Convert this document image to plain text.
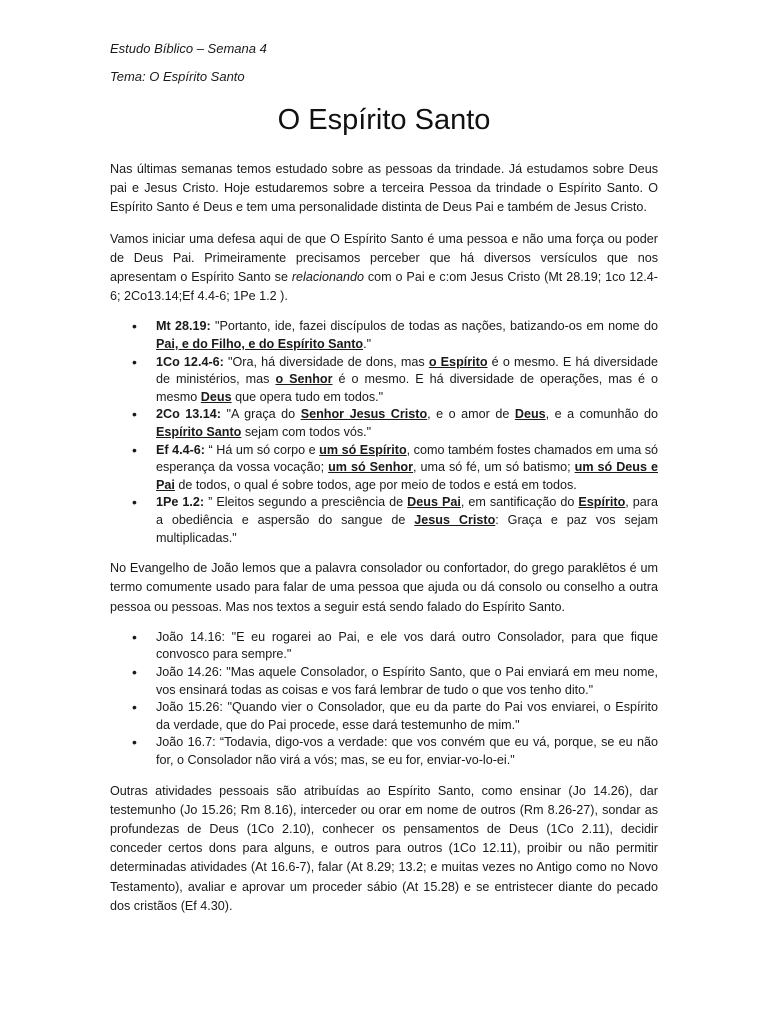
Estudo Bíblico – Semana 4

Tema: O Espírito Santo

O Espírito Santo

Nas últimas semanas temos estudado sobre as pessoas da trindade. Já estudamos sobre Deus pai e Jesus Cristo. Hoje estudaremos sobre a terceira Pessoa da trindade o Espírito Santo. O Espírito Santo é Deus e tem uma personalidade distinta de Deus Pai e também de Jesus Cristo.

Vamos iniciar uma defesa aqui de que O Espírito Santo é uma pessoa e não uma força ou poder de Deus Pai. Primeiramente precisamos perceber que há diversos versículos que nos apresentam o Espírito Santo se relacionando com o Pai e c:om Jesus Cristo (Mt 28.19; 1co 12.4-6; 2Co13.14;Ef 4.4-6; 1Pe 1.2 ).

• Mt 28.19: "Portanto, ide, fazei discípulos de todas as nações, batizando-os em nome do Pai, e do Filho, e do Espírito Santo."
• 1Co 12.4-6: "Ora, há diversidade de dons, mas o Espírito é o mesmo. E há diversidade de ministérios, mas o Senhor é o mesmo. E há diversidade de operações, mas é o mesmo Deus que opera tudo em todos."
• 2Co 13.14: "A graça do Senhor Jesus Cristo, e o amor de Deus, e a comunhão do Espírito Santo sejam com todos vós."
• Ef 4.4-6: “ Há um só corpo e um só Espírito, como também fostes chamados em uma só esperança da vossa vocação; um só Senhor, uma só fé, um só batismo; um só Deus e Pai de todos, o qual é sobre todos, age por meio de todos e está em todos.
• 1Pe 1.2: ” Eleitos segundo a presciência de Deus Pai, em santificação do Espírito, para a obediência e aspersão do sangue de Jesus Cristo: Graça e paz vos sejam multiplicadas."

No Evangelho de João lemos que a palavra consolador ou confortador, do grego paraklētos é um termo comumente usado para falar de uma pessoa que ajuda ou dá consolo ou conselho a outra pessoa ou pessoas. Mas nos textos a seguir está sendo falado do Espírito Santo.

• João 14.16: "E eu rogarei ao Pai, e ele vos dará outro Consolador, para que fique convosco para sempre."
• João 14.26: "Mas aquele Consolador, o Espírito Santo, que o Pai enviará em meu nome, vos ensinará todas as coisas e vos fará lembrar de tudo o que vos tenho dito."
• João 15.26: "Quando vier o Consolador, que eu da parte do Pai vos enviarei, o Espírito da verdade, que do Pai procede, esse dará testemunho de mim."
• João 16.7: “Todavia, digo-vos a verdade: que vos convém que eu vá, porque, se eu não for, o Consolador não virá a vós; mas, se eu for, enviar-vo-lo-ei."

Outras atividades pessoais são atribuídas ao Espírito Santo, como ensinar (Jo 14.26), dar testemunho (Jo 15.26; Rm 8.16), interceder ou orar em nome de outros (Rm 8.26-27), sondar as profundezas de Deus (1Co 2.10), conhecer os pensamentos de Deus (1Co 2.11), decidir conceder certos dons para alguns, e outros para outros (1Co 12.11), proibir ou não permitir determinadas atividades (At 16.6-7), falar (At 8.29; 13.2; e muitas vezes no Antigo como no Novo Testamento), avaliar e aprovar um proceder sábio (At 15.28) e se entristecer diante do pecado dos cristãos (Ef 4.30).
